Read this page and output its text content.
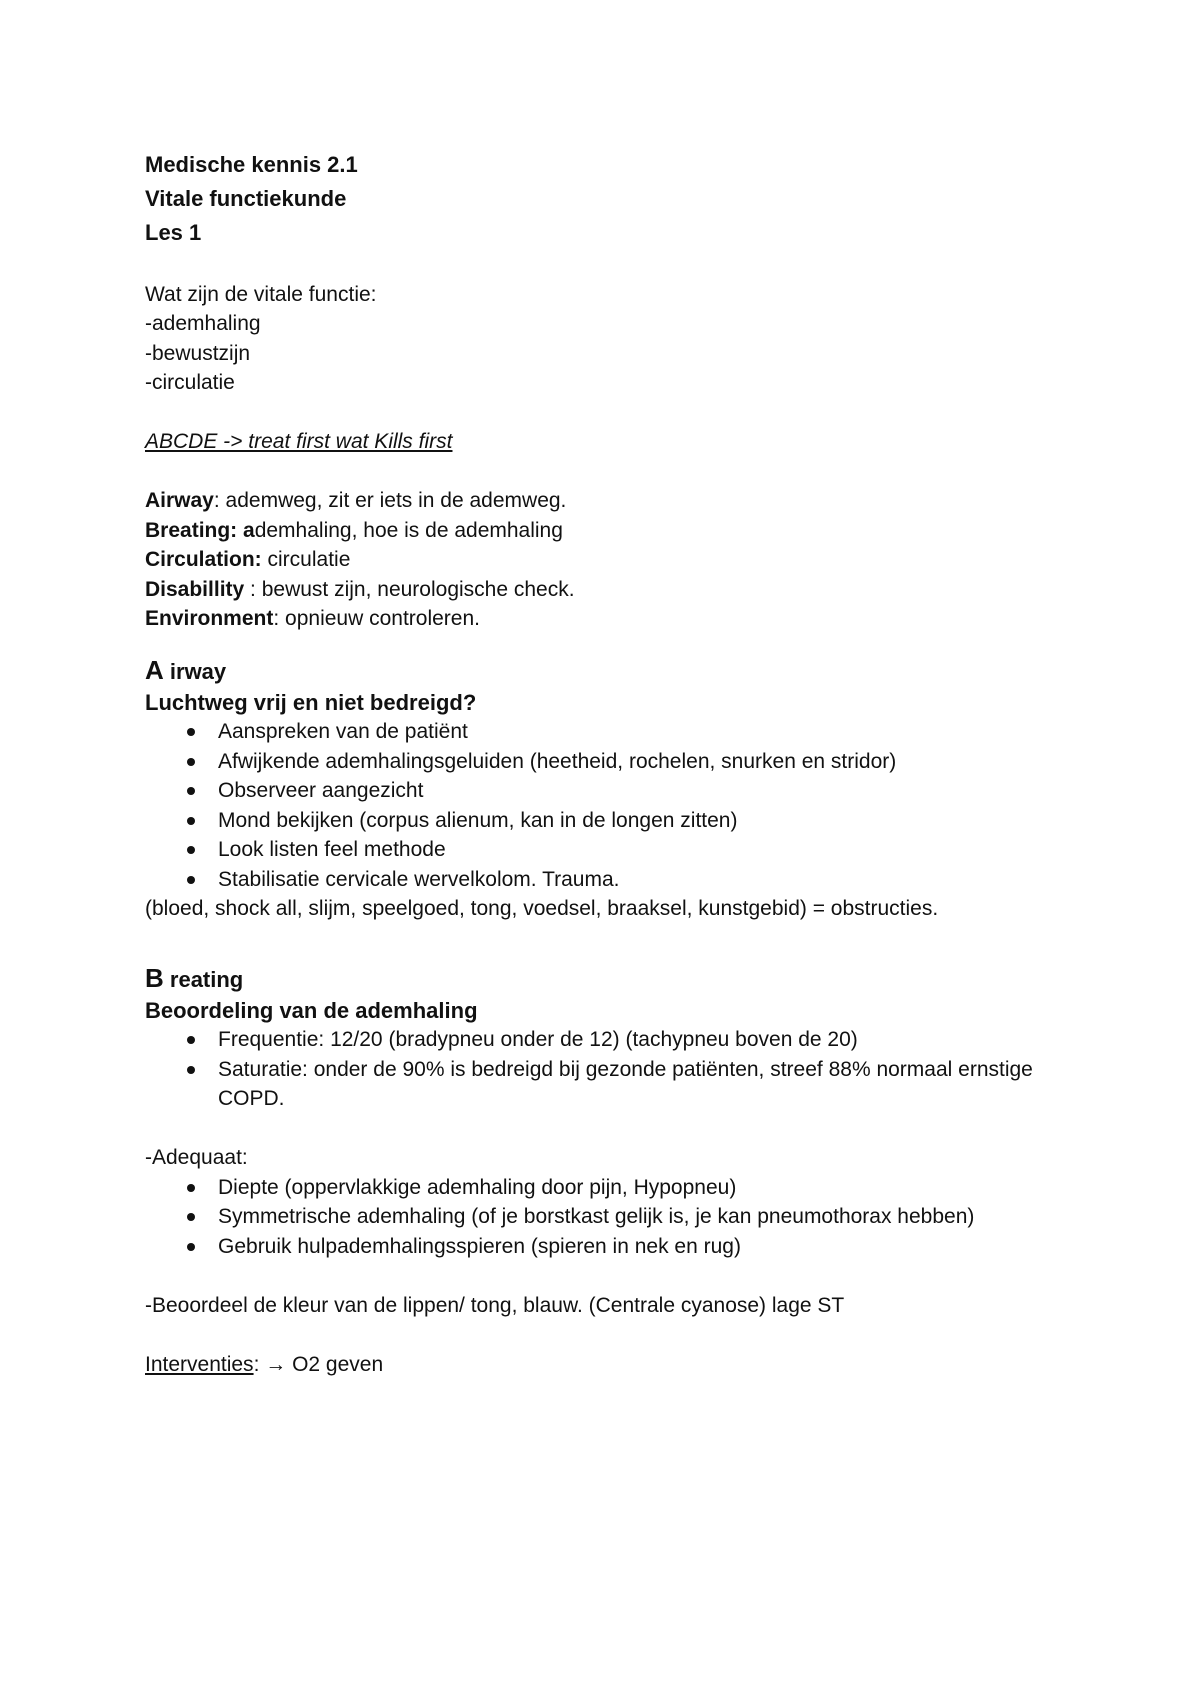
Medische kennis 2.1
Vitale functiekunde
Les 1
Wat zijn de vitale functie:
-ademhaling
-bewustzijn
-circulatie
ABCDE -> treat first wat Kills first
Airway: ademweg, zit er iets in de ademweg.
Breating: ademhaling, hoe is de ademhaling
Circulation: circulatie
Disabillity : bewust zijn, neurologische check.
Environment: opnieuw controleren.
A irway
Luchtweg vrij en niet bedreigd?
Aanspreken van de patiënt
Afwijkende ademhalingsgeluiden (heetheid, rochelen, snurken en stridor)
Observeer aangezicht
Mond bekijken (corpus alienum, kan in de longen zitten)
Look listen feel methode
Stabilisatie cervicale wervelkolom. Trauma.
(bloed, shock all, slijm, speelgoed, tong, voedsel, braaksel, kunstgebid) = obstructies.
B reating
Beoordeling van de ademhaling
Frequentie: 12/20 (bradypneu onder de 12) (tachypneu boven de 20)
Saturatie: onder de 90% is bedreigd bij gezonde patiënten, streef 88% normaal ernstige COPD.
-Adequaat:
Diepte (oppervlakkige ademhaling door pijn, Hypopneu)
Symmetrische ademhaling (of je borstkast gelijk is, je kan pneumothorax hebben)
Gebruik hulpademhalingsspieren (spieren in nek en rug)
-Beoordeel de kleur van de lippen/ tong, blauw. (Centrale cyanose) lage ST
Interventies: → O2 geven
